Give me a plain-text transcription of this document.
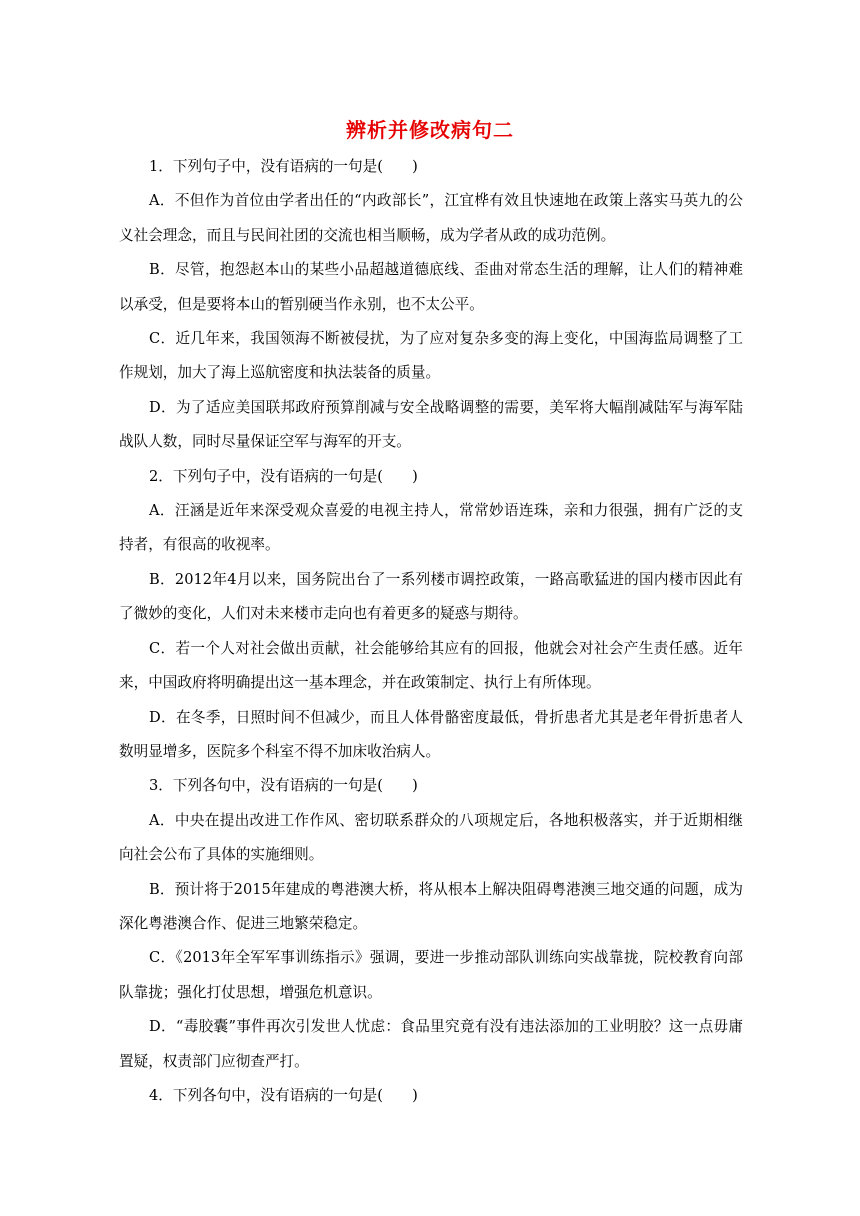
辨析并修改病句二

1．下列句子中，没有语病的一句是(　　)

A．不但作为首位由学者出任的“内政部长”，江宜桦有效且快速地在政策上落实马英九的公义社会理念，而且与民间社团的交流也相当顺畅，成为学者从政的成功范例。

B．尽管，抱怨赵本山的某些小品超越道德底线、歪曲对常态生活的理解，让人们的精神难以承受，但是要将本山的暂别硬当作永别，也不太公平。

C．近几年来，我国领海不断被侵扰，为了应对复杂多变的海上变化，中国海监局调整了工作规划，加大了海上巡航密度和执法装备的质量。

D．为了适应美国联邦政府预算削减与安全战略调整的需要，美军将大幅削减陆军与海军陆战队人数，同时尽量保证空军与海军的开支。

2．下列句子中，没有语病的一句是(　　)

A．汪涵是近年来深受观众喜爱的电视主持人，常常妙语连珠，亲和力很强，拥有广泛的支持者，有很高的收视率。

B．2012年4月以来，国务院出台了一系列楼市调控政策，一路高歌猛进的国内楼市因此有了微妙的变化，人们对未来楼市走向也有着更多的疑惑与期待。

C．若一个人对社会做出贡献，社会能够给其应有的回报，他就会对社会产生责任感。近年来，中国政府将明确提出这一基本理念，并在政策制定、执行上有所体现。

D．在冬季，日照时间不但减少，而且人体骨骼密度最低，骨折患者尤其是老年骨折患者人数明显增多，医院多个科室不得不加床收治病人。

3．下列各句中，没有语病的一句是(　　)

A．中央在提出改进工作作风、密切联系群众的八项规定后，各地积极落实，并于近期相继向社会公布了具体的实施细则。

B．预计将于2015年建成的粤港澳大桥，将从根本上解决阻碍粤港澳三地交通的问题，成为深化粤港澳合作、促进三地繁荣稳定。

C．《2013年全军军事训练指示》强调，要进一步推动部队训练向实战靠拢，院校教育向部队靠拢；强化打仗思想，增强危机意识。

D．“毒胶囊”事件再次引发世人忧虑：食品里究竟有没有违法添加的工业明胶？这一点毋庸置疑，权责部门应彻查严打。

4．下列各句中，没有语病的一句是(　　)
